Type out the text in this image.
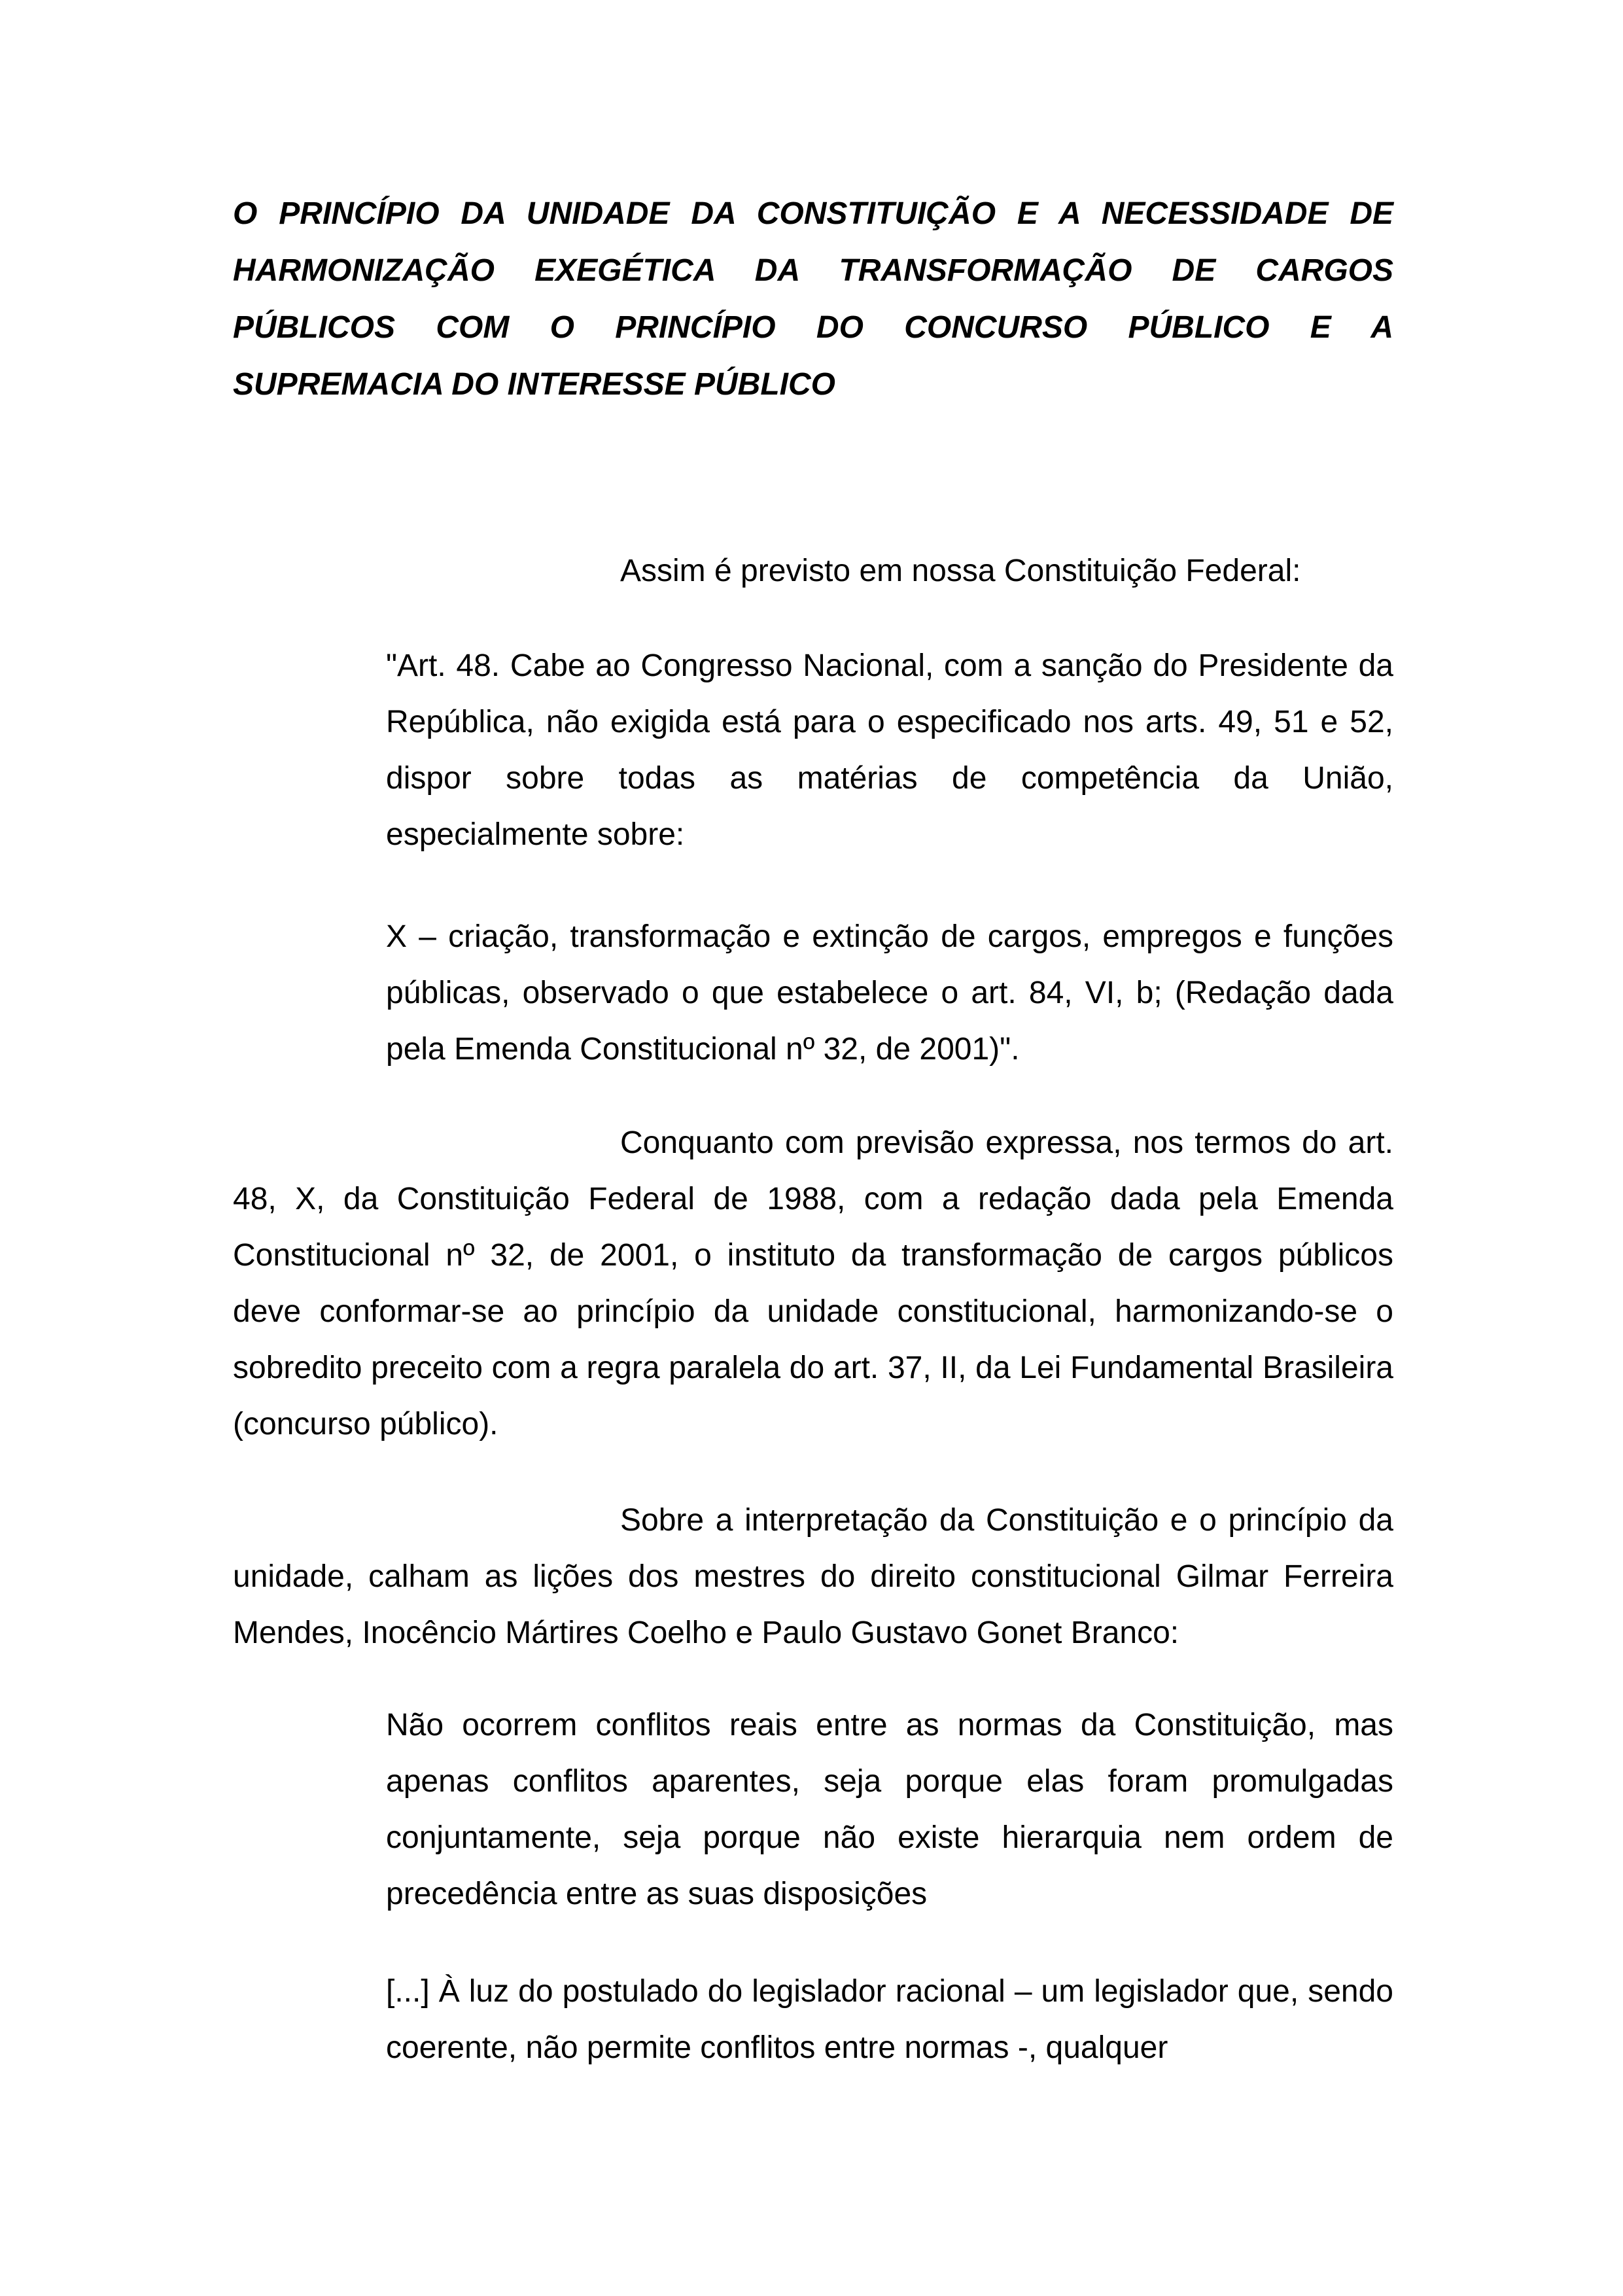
O PRINCÍPIO DA UNIDADE DA CONSTITUIÇÃO E A NECESSIDADE DE
HARMONIZAÇÃO EXEGÉTICA DA TRANSFORMAÇÃO DE CARGOS
PÚBLICOS COM O PRINCÍPIO DO CONCURSO PÚBLICO E A
SUPREMACIA DO INTERESSE PÚBLICO

Assim é previsto em nossa Constituição Federal:

"Art. 48. Cabe ao Congresso Nacional, com a sanção do Presidente da República, não exigida está para o especificado nos arts. 49, 51 e 52, dispor sobre todas as matérias de competência da União, especialmente sobre:

X – criação, transformação e extinção de cargos, empregos e funções públicas, observado o que estabelece o art. 84, VI, b; (Redação dada pela Emenda Constitucional nº 32, de 2001)".

Conquanto com previsão expressa, nos termos do art. 48, X, da Constituição Federal de 1988, com a redação dada pela Emenda Constitucional nº 32, de 2001, o instituto da transformação de cargos públicos deve conformar-se ao princípio da unidade constitucional, harmonizando-se o sobredito preceito com a regra paralela do art. 37, II, da Lei Fundamental Brasileira (concurso público).

Sobre a interpretação da Constituição e o princípio da unidade, calham as lições dos mestres do direito constitucional Gilmar Ferreira Mendes, Inocêncio Mártires Coelho e Paulo Gustavo Gonet Branco:

Não ocorrem conflitos reais entre as normas da Constituição, mas apenas conflitos aparentes, seja porque elas foram promulgadas conjuntamente, seja porque não existe hierarquia nem ordem de precedência entre as suas disposições

[...] À luz do postulado do legislador racional – um legislador que, sendo coerente, não permite conflitos entre normas -, qualquer
